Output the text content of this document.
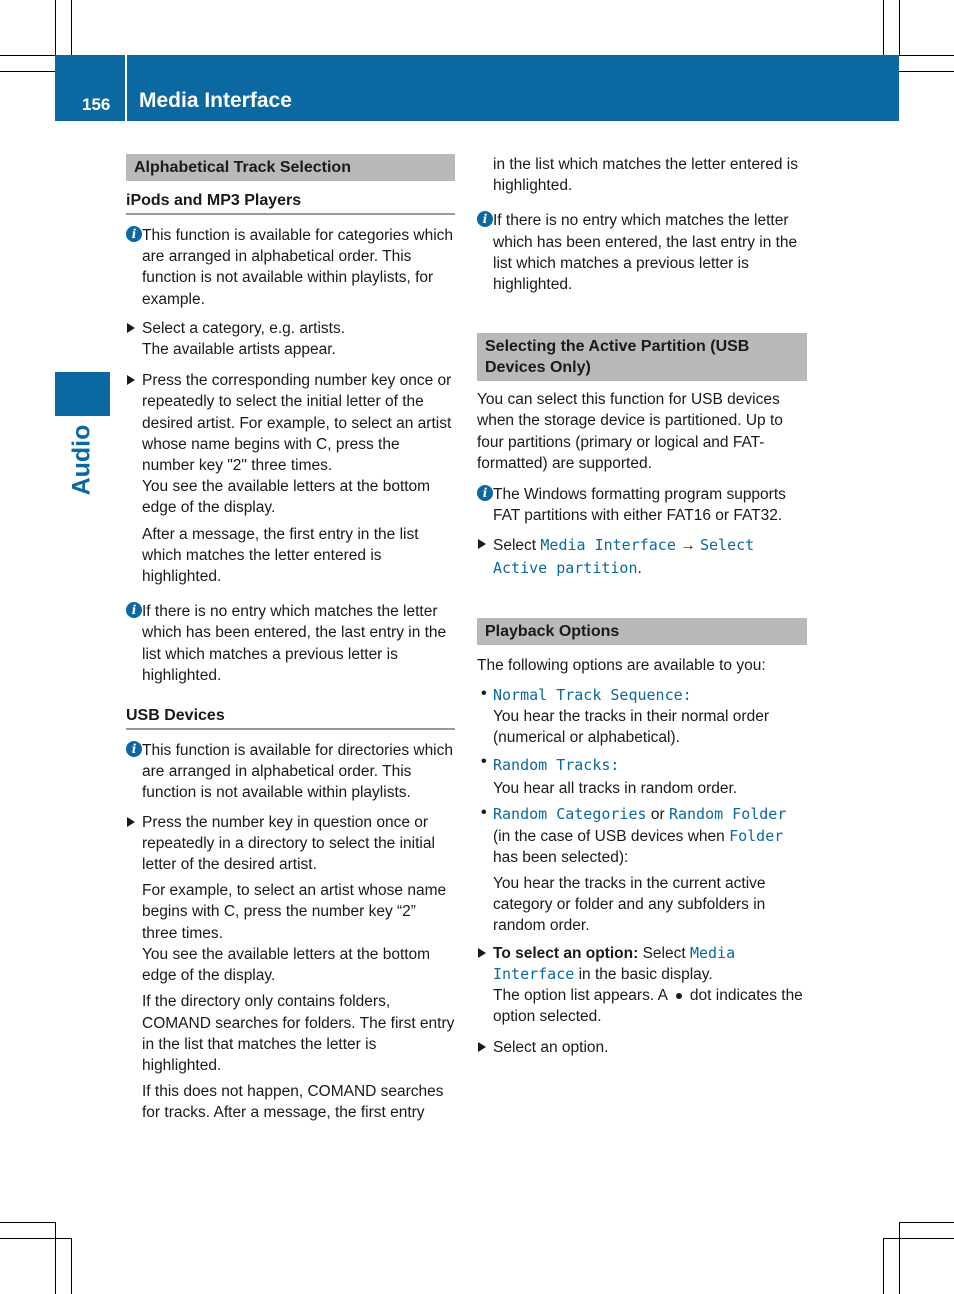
156 Media Interface
Audio
Alphabetical Track Selection
iPods and MP3 Players
i This function is available for categories which are arranged in alphabetical order. This function is not available within playlists, for example.

Select a category, e.g. artists.

The available artists appear.

Press the corresponding number key once or repeatedly to select the initial letter of the desired artist. For example, to select an artist whose name begins with C, press the number key "2" three times.

You see the available letters at the bottom edge of the display.

After a message, the first entry in the list which matches the letter entered is highlighted.

i If there is no entry which matches the letter which has been entered, the last entry in the list which matches a previous letter is highlighted.

USB Devices
i This function is available for directories which are arranged in alphabetical order. This function is not available within playlists.

Press the number key in question once or repeatedly in a directory to select the initial letter of the desired artist.

For example, to select an artist whose name begins with C, press the number key “2” three times.

You see the available letters at the bottom edge of the display.

If the directory only contains folders, COMAND searches for folders. The first entry in the list that matches the letter is highlighted.

If this does not happen, COMAND searches for tracks. After a message, the first entry

in the list which matches the letter entered is highlighted.

i If there is no entry which matches the letter which has been entered, the last entry in the list which matches a previous letter is highlighted.

Selecting the Active Partition (USB Devices Only)

You can select this function for USB devices when the storage device is partitioned. Up to four partitions (primary or logical and FAT-formatted) are supported.

i The Windows formatting program supports FAT partitions with either FAT16 or FAT32.

Select Media Interface → Select Active partition.

Playback Options

The following options are available to you:

• Normal Track Sequence:

You hear the tracks in their normal order (numerical or alphabetical).

• Random Tracks:

You hear all tracks in random order.

• Random Categories or Random Folder

(in the case of USB devices when Folder has been selected):

You hear the tracks in the current active category or folder and any subfolders in random order.

To select an option: Select Media Interface in the basic display.

The option list appears. A dot indicates the option selected.

Select an option.
